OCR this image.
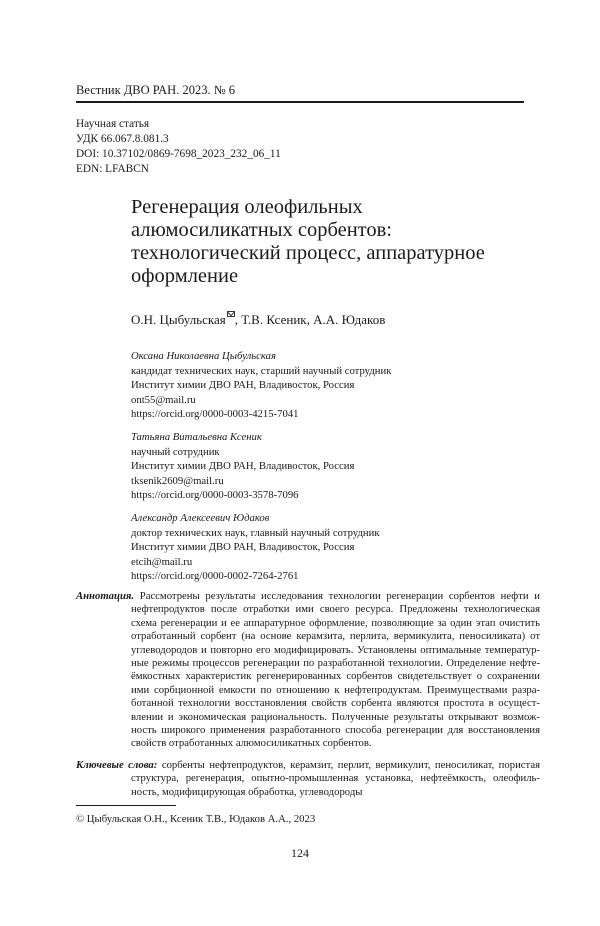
Вестник ДВО РАН. 2023. № 6
Научная статья
УДК 66.067.8.081.3
DOI: 10.37102/0869-7698_2023_232_06_11
EDN: LFABCN
Регенерация олеофильных
алюмосиликатных сорбентов:
технологический процесс, аппаратурное
оформление
О.Н. Цыбульская , Т.В. Ксеник, А.А. Юдаков
Оксана Николаевна Цыбульская
кандидат технических наук, старший научный сотрудник
Институт химии ДВО РАН, Владивосток, Россия
ont55@mail.ru
https://orcid.org/0000-0003-4215-7041
Татьяна Витальевна Ксеник
научный сотрудник
Институт химии ДВО РАН, Владивосток, Россия
tksenik2609@mail.ru
https://orcid.org/0000-0003-3578-7096
Александр Алексеевич Юдаков
доктор технических наук, главный научный сотрудник
Институт химии ДВО РАН, Владивосток, Россия
etcih@mail.ru
https://orcid.org/0000-0002-7264-2761
Аннотация. Рассмотрены результаты исследования технологии регенерации сорбентов нефти и
нефтепродуктов после отработки ими своего ресурса. Предложены технологическая
схема регенерации и ее аппаратурное оформление, позволяющие за один этап очистить
отработанный сорбент (на основе керамзита, перлита, вермикулита, пеносиликата) от
углеводородов и повторно его модифицировать. Установлены оптимальные температур-
ные режимы процессов регенерации по разработанной технологии. Определение нефте-
ёмкостных характеристик регенерированных сорбентов свидетельствует о сохранении
ими сорбционной емкости по отношению к нефтепродуктам. Преимуществами разра-
ботанной технологии восстановления свойств сорбента являются простота в осущест-
влении и экономическая рациональность. Полученные результаты открывают возмож-
ность широкого применения разработанного способа регенерации для восстановления
свойств отработанных алюмосиликатных сорбентов.
Ключевые слова: сорбенты нефтепродуктов, керамзит, перлит, вермикулит, пеносиликат, пористая
структура, регенерация, опытно-промышленная установка, нефтеёмкость, олеофиль-
ность, модифицирующая обработка, углеводороды
© Цыбульская О.Н., Ксеник Т.В., Юдаков А.А., 2023
124
